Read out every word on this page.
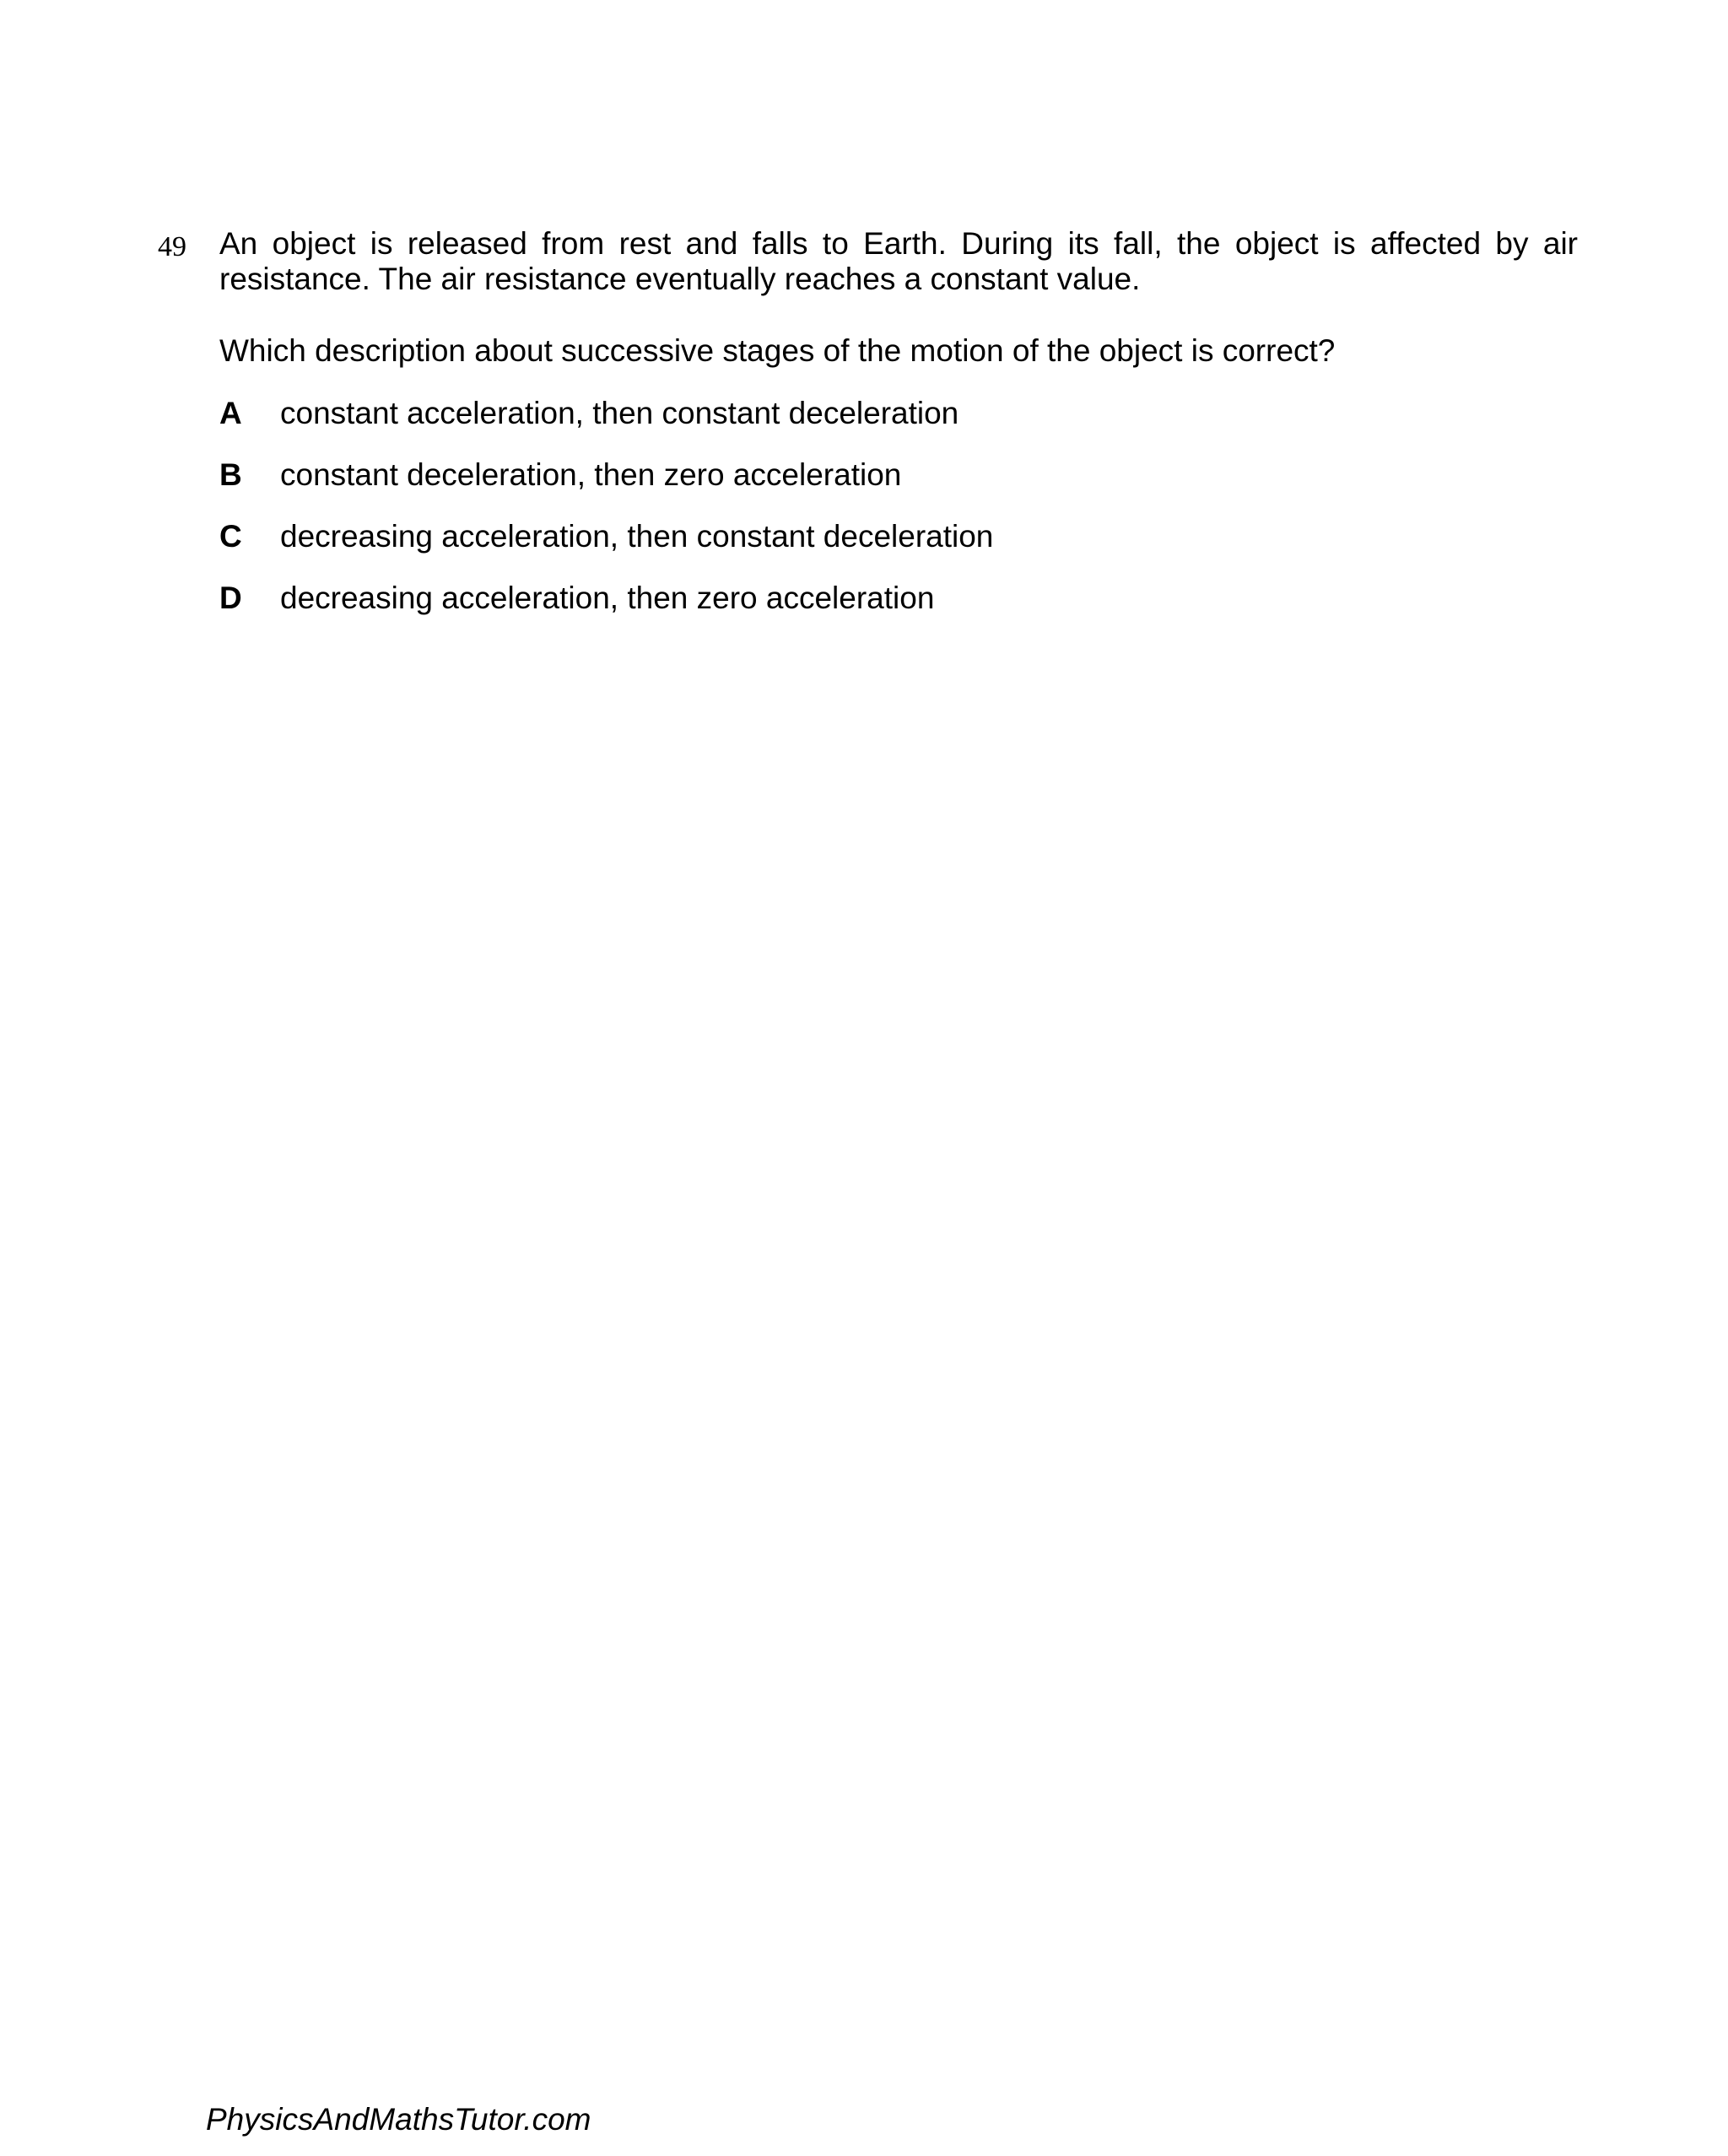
49 An object is released from rest and falls to Earth. During its fall, the object is affected by air resistance. The air resistance eventually reaches a constant value.

Which description about successive stages of the motion of the object is correct?

A	constant acceleration, then constant deceleration
B	constant deceleration, then zero acceleration
C	decreasing acceleration, then constant deceleration
D	decreasing acceleration, then zero acceleration
PhysicsAndMathsTutor.com
